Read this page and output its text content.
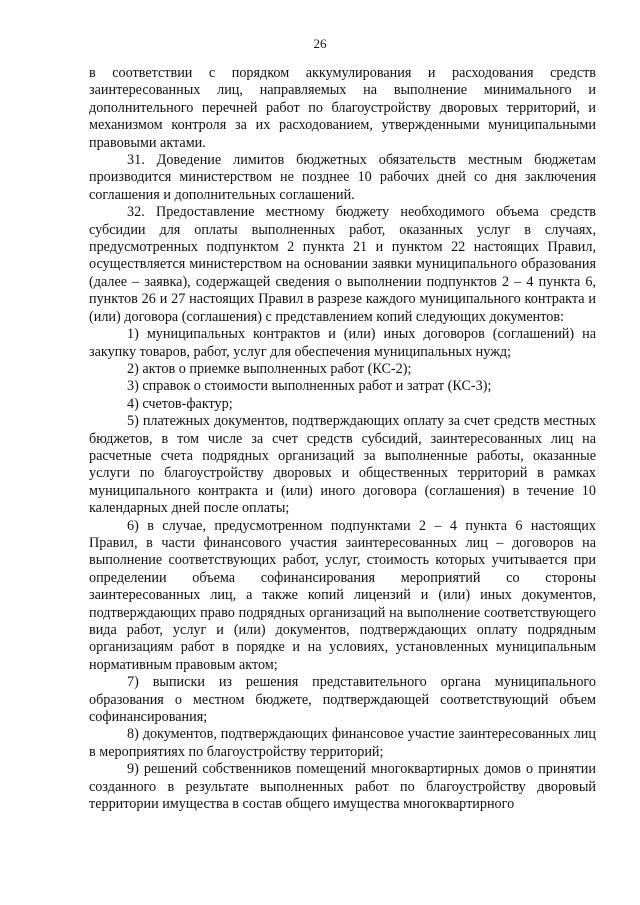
26

в соответствии с порядком аккумулирования и расходования средств заинтересованных лиц, направляемых на выполнение минимального и дополнительного перечней работ по благоустройству дворовых территорий, и механизмом контроля за их расходованием, утвержденными муниципальными правовыми актами.

31. Доведение лимитов бюджетных обязательств местным бюджетам производится министерством не позднее 10 рабочих дней со дня заключения соглашения и дополнительных соглашений.

32. Предоставление местному бюджету необходимого объема средств субсидии для оплаты выполненных работ, оказанных услуг в случаях, предусмотренных подпунктом 2 пункта 21 и пунктом 22 настоящих Правил, осуществляется министерством на основании заявки муниципального образования (далее – заявка), содержащей сведения о выполнении подпунктов 2 – 4 пункта 6, пунктов 26 и 27 настоящих Правил в разрезе каждого муниципального контракта и (или) договора (соглашения) с представлением копий следующих документов:

1) муниципальных контрактов и (или) иных договоров (соглашений) на закупку товаров, работ, услуг для обеспечения муниципальных нужд;

2) актов о приемке выполненных работ (КС-2);

3) справок о стоимости выполненных работ и затрат (КС-3);

4) счетов-фактур;

5) платежных документов, подтверждающих оплату за счет средств местных бюджетов, в том числе за счет средств субсидий, заинтересованных лиц на расчетные счета подрядных организаций за выполненные работы, оказанные услуги по благоустройству дворовых и общественных территорий в рамках муниципального контракта и (или) иного договора (соглашения) в течение 10 календарных дней после оплаты;

6) в случае, предусмотренном подпунктами 2 – 4 пункта 6 настоящих Правил, в части финансового участия заинтересованных лиц – договоров на выполнение соответствующих работ, услуг, стоимость которых учитывается при определении объема софинансирования мероприятий со стороны заинтересованных лиц, а также копий лицензий и (или) иных документов, подтверждающих право подрядных организаций на выполнение соответствующего вида работ, услуг и (или) документов, подтверждающих оплату подрядным организациям работ в порядке и на условиях, установленных муниципальным нормативным правовым актом;

7) выписки из решения представительного органа муниципального образования о местном бюджете, подтверждающей соответствующий объем софинансирования;

8) документов, подтверждающих финансовое участие заинтересованных лиц в мероприятиях по благоустройству территорий;

9) решений собственников помещений многоквартирных домов о принятии созданного в результате выполненных работ по благоустройству дворовый территории имущества в состав общего имущества многоквартирного
